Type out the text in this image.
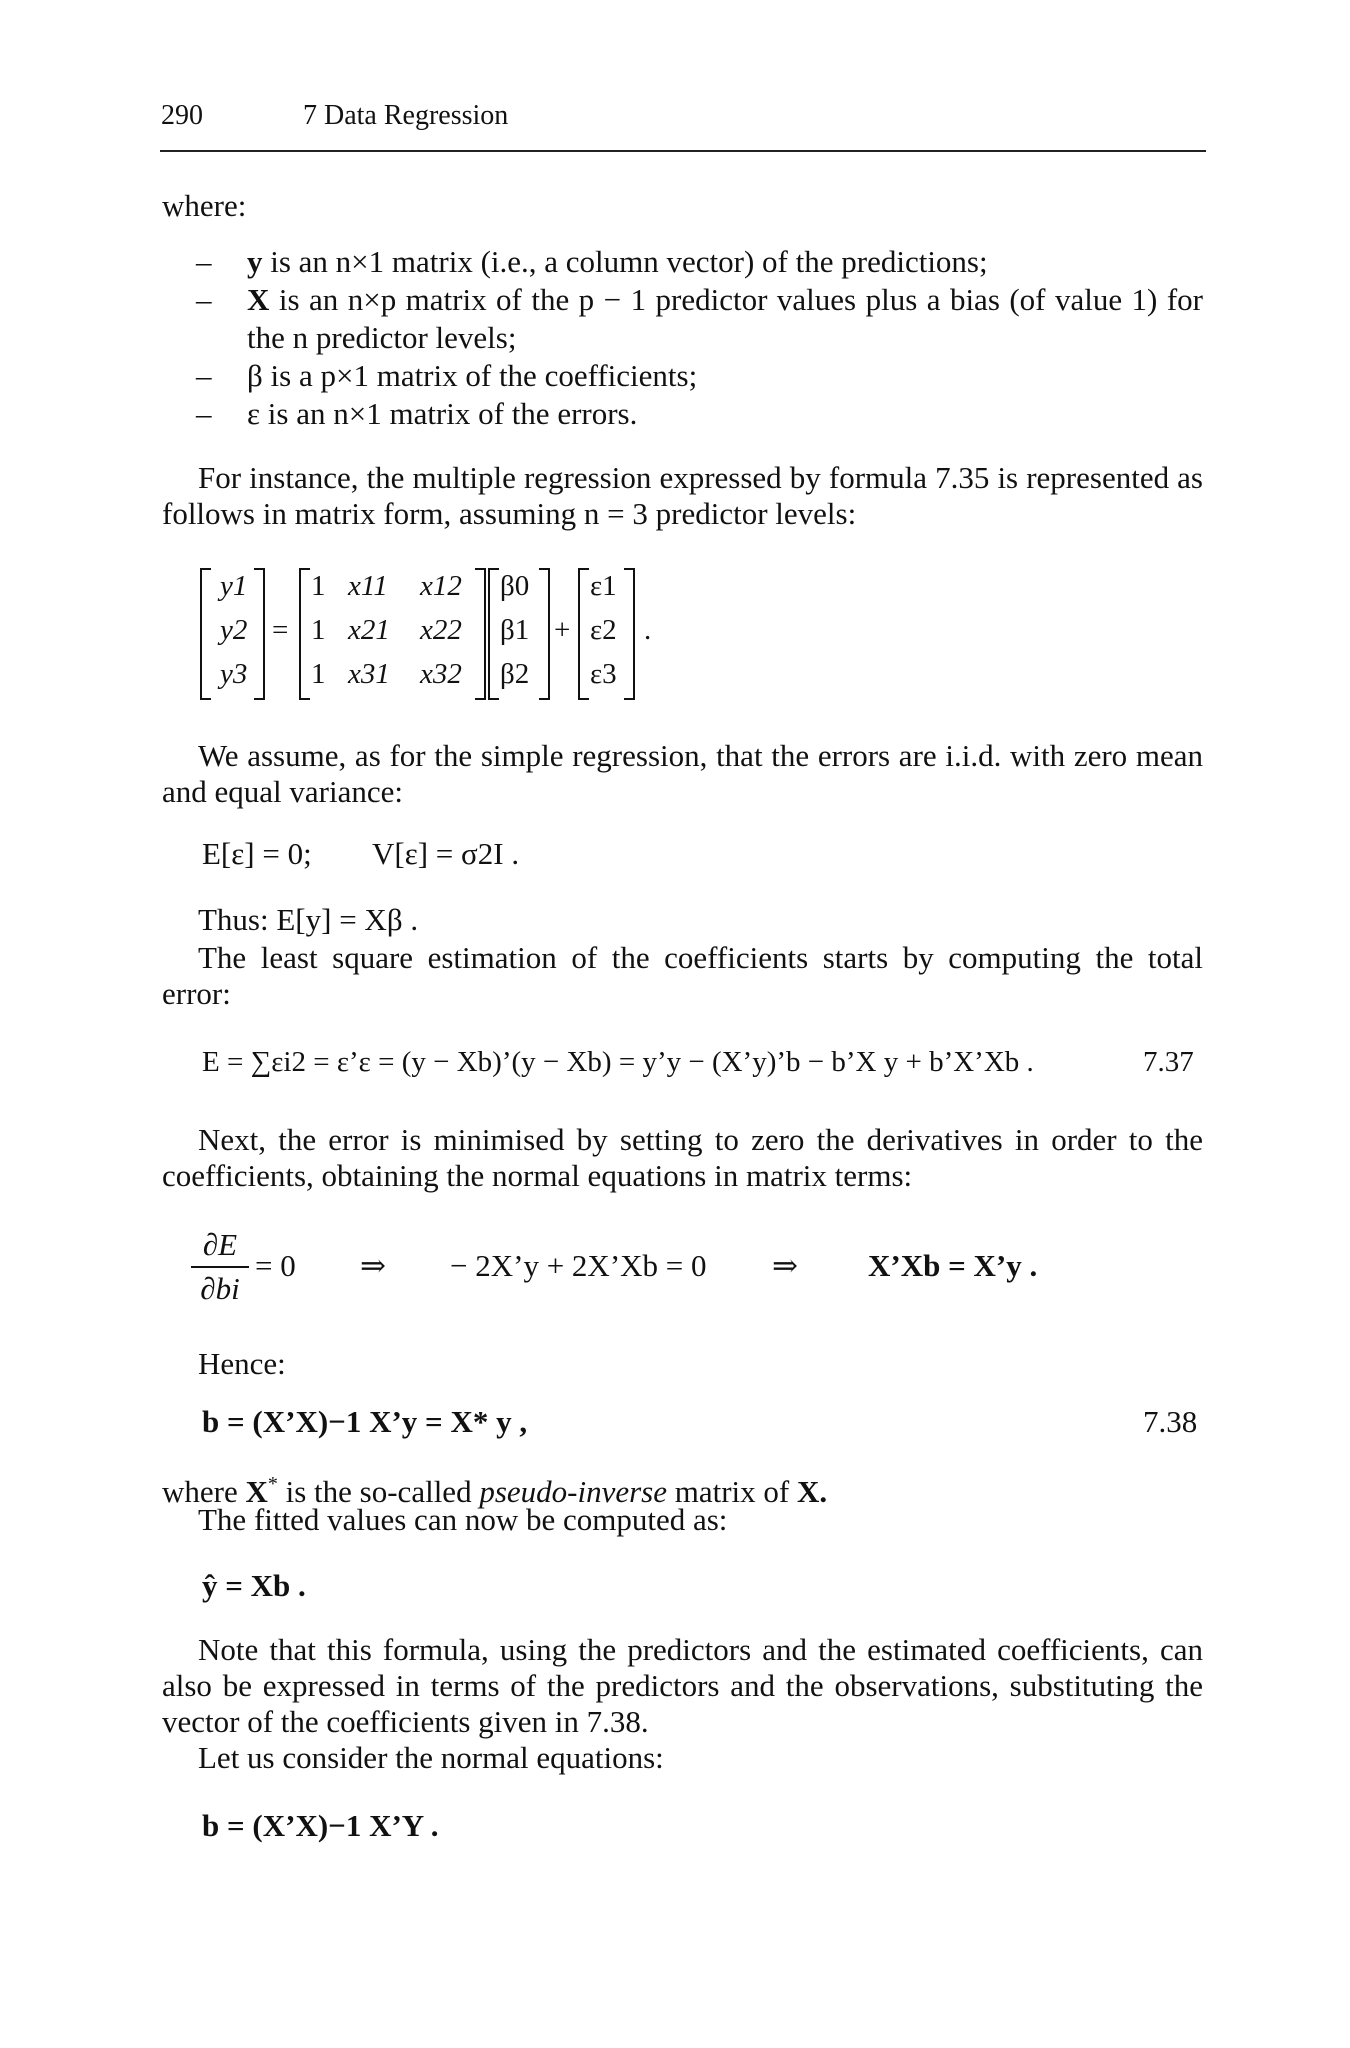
290	7 Data Regression
where:
– y is an n×1 matrix (i.e., a column vector) of the predictions;
– X is an n×p matrix of the p − 1 predictor values plus a bias (of value 1) for
the n predictor levels;
– β is a p×1 matrix of the coefficients;
– ε is an n×1 matrix of the errors.
For instance, the multiple regression expressed by formula 7.35 is represented as
follows in matrix form, assuming n = 3 predictor levels:
y1
y2
y3
=
1 x11 x12
1 x21 x22
1 x31 x32
β0
β1
β2
+
ε1
ε2
ε3
.
We assume, as for the simple regression, that the errors are i.i.d. with zero mean
and equal variance:
E[ε] = 0; V[ε] = σ2I .
Thus: E[y] = Xβ .
The least square estimation of the coefficients starts by computing the total
error:
E = ∑εi2 = ε’ε = (y − Xb)’(y − Xb) = y’y − (X’y)’b − b’X y + b’X’Xb .	7.37
Next, the error is minimised by setting to zero the derivatives in order to the
coefficients, obtaining the normal equations in matrix terms:
∂E
∂bi
= 0 ⇒ − 2X’y + 2X’Xb = 0 ⇒ X’Xb = X’y .
Hence:
b = (X’X)−1 X’y = X* y ,	7.38
where X* is the so-called pseudo-inverse matrix of X.
The fitted values can now be computed as:
ŷ = Xb .
Note that this formula, using the predictors and the estimated coefficients, can
also be expressed in terms of the predictors and the observations, substituting the
vector of the coefficients given in 7.38.
Let us consider the normal equations:
b = (X’X)−1 X’Y .
